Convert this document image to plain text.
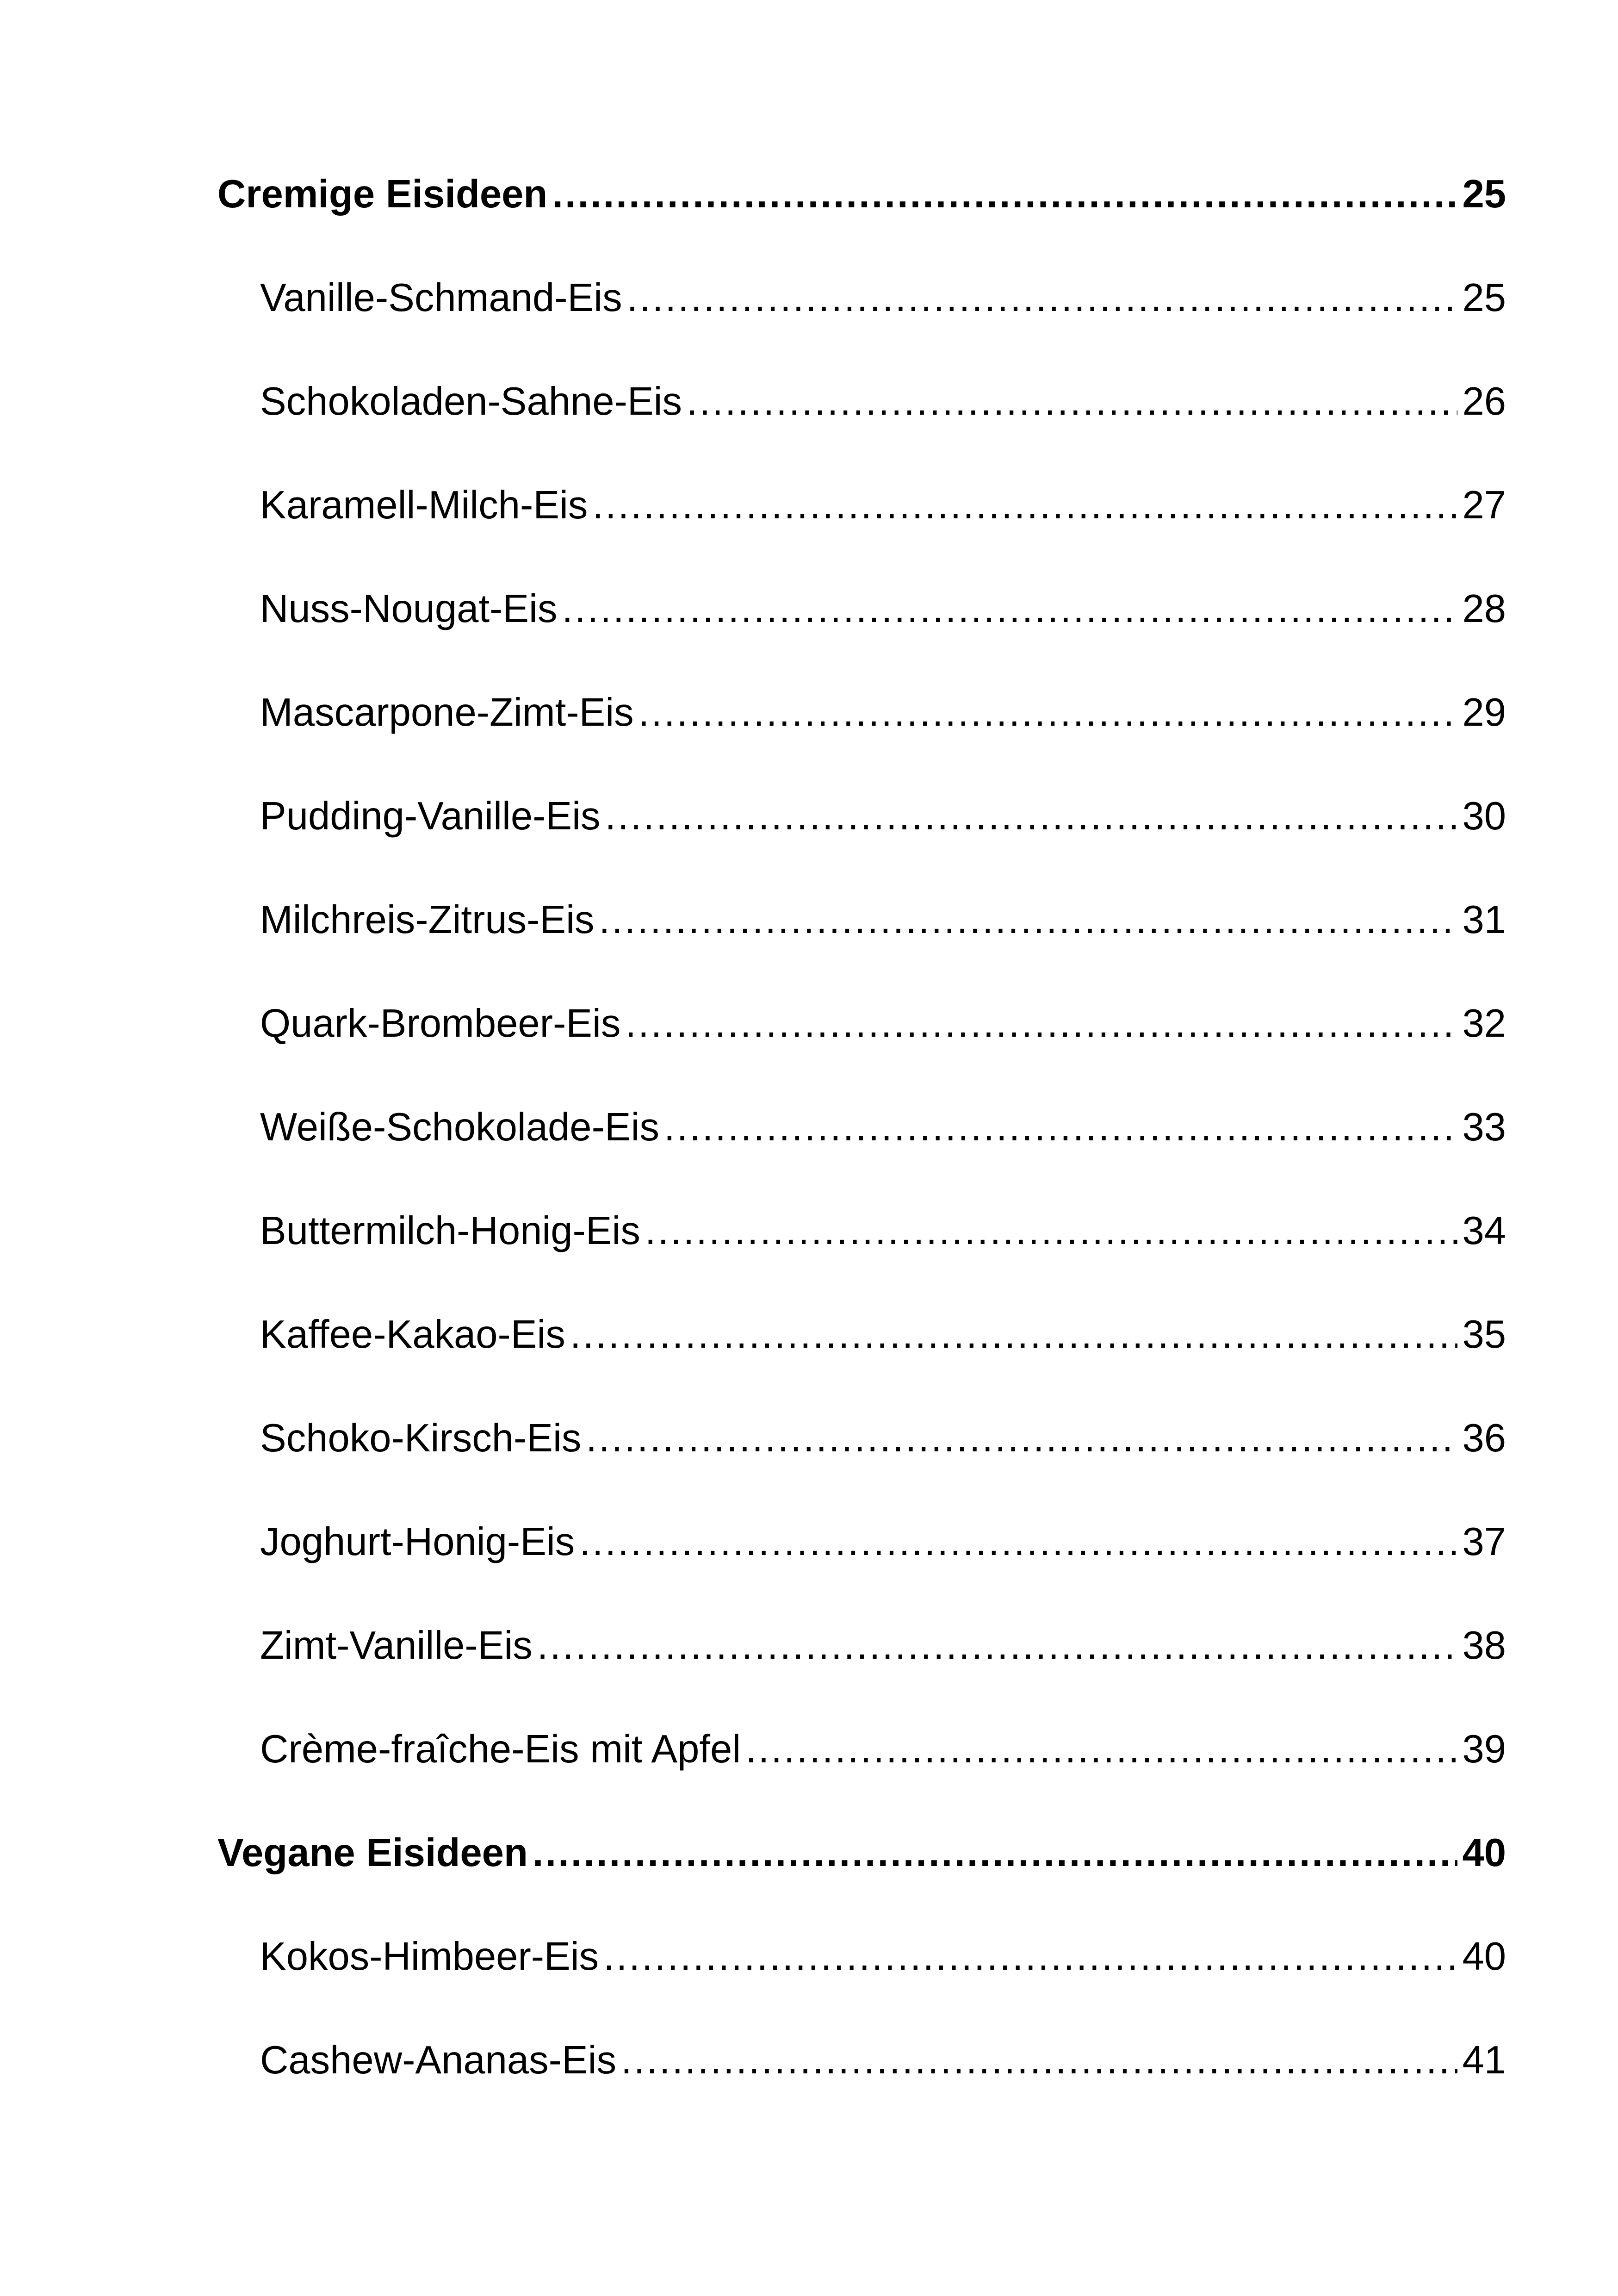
Cremige Eisideen .....	25
Vanille-Schmand-Eis .....	25
Schokoladen-Sahne-Eis .....	26
Karamell-Milch-Eis .....	27
Nuss-Nougat-Eis .....	28
Mascarpone-Zimt-Eis .....	29
Pudding-Vanille-Eis .....	30
Milchreis-Zitrus-Eis .....	31
Quark-Brombeer-Eis .....	32
Weiße-Schokolade-Eis .....	33
Buttermilch-Honig-Eis .....	34
Kaffee-Kakao-Eis .....	35
Schoko-Kirsch-Eis .....	36
Joghurt-Honig-Eis .....	37
Zimt-Vanille-Eis .....	38
Crème-fraîche-Eis mit Apfel .....	39
Vegane Eisideen .....	40
Kokos-Himbeer-Eis .....	40
Cashew-Ananas-Eis .....	41
